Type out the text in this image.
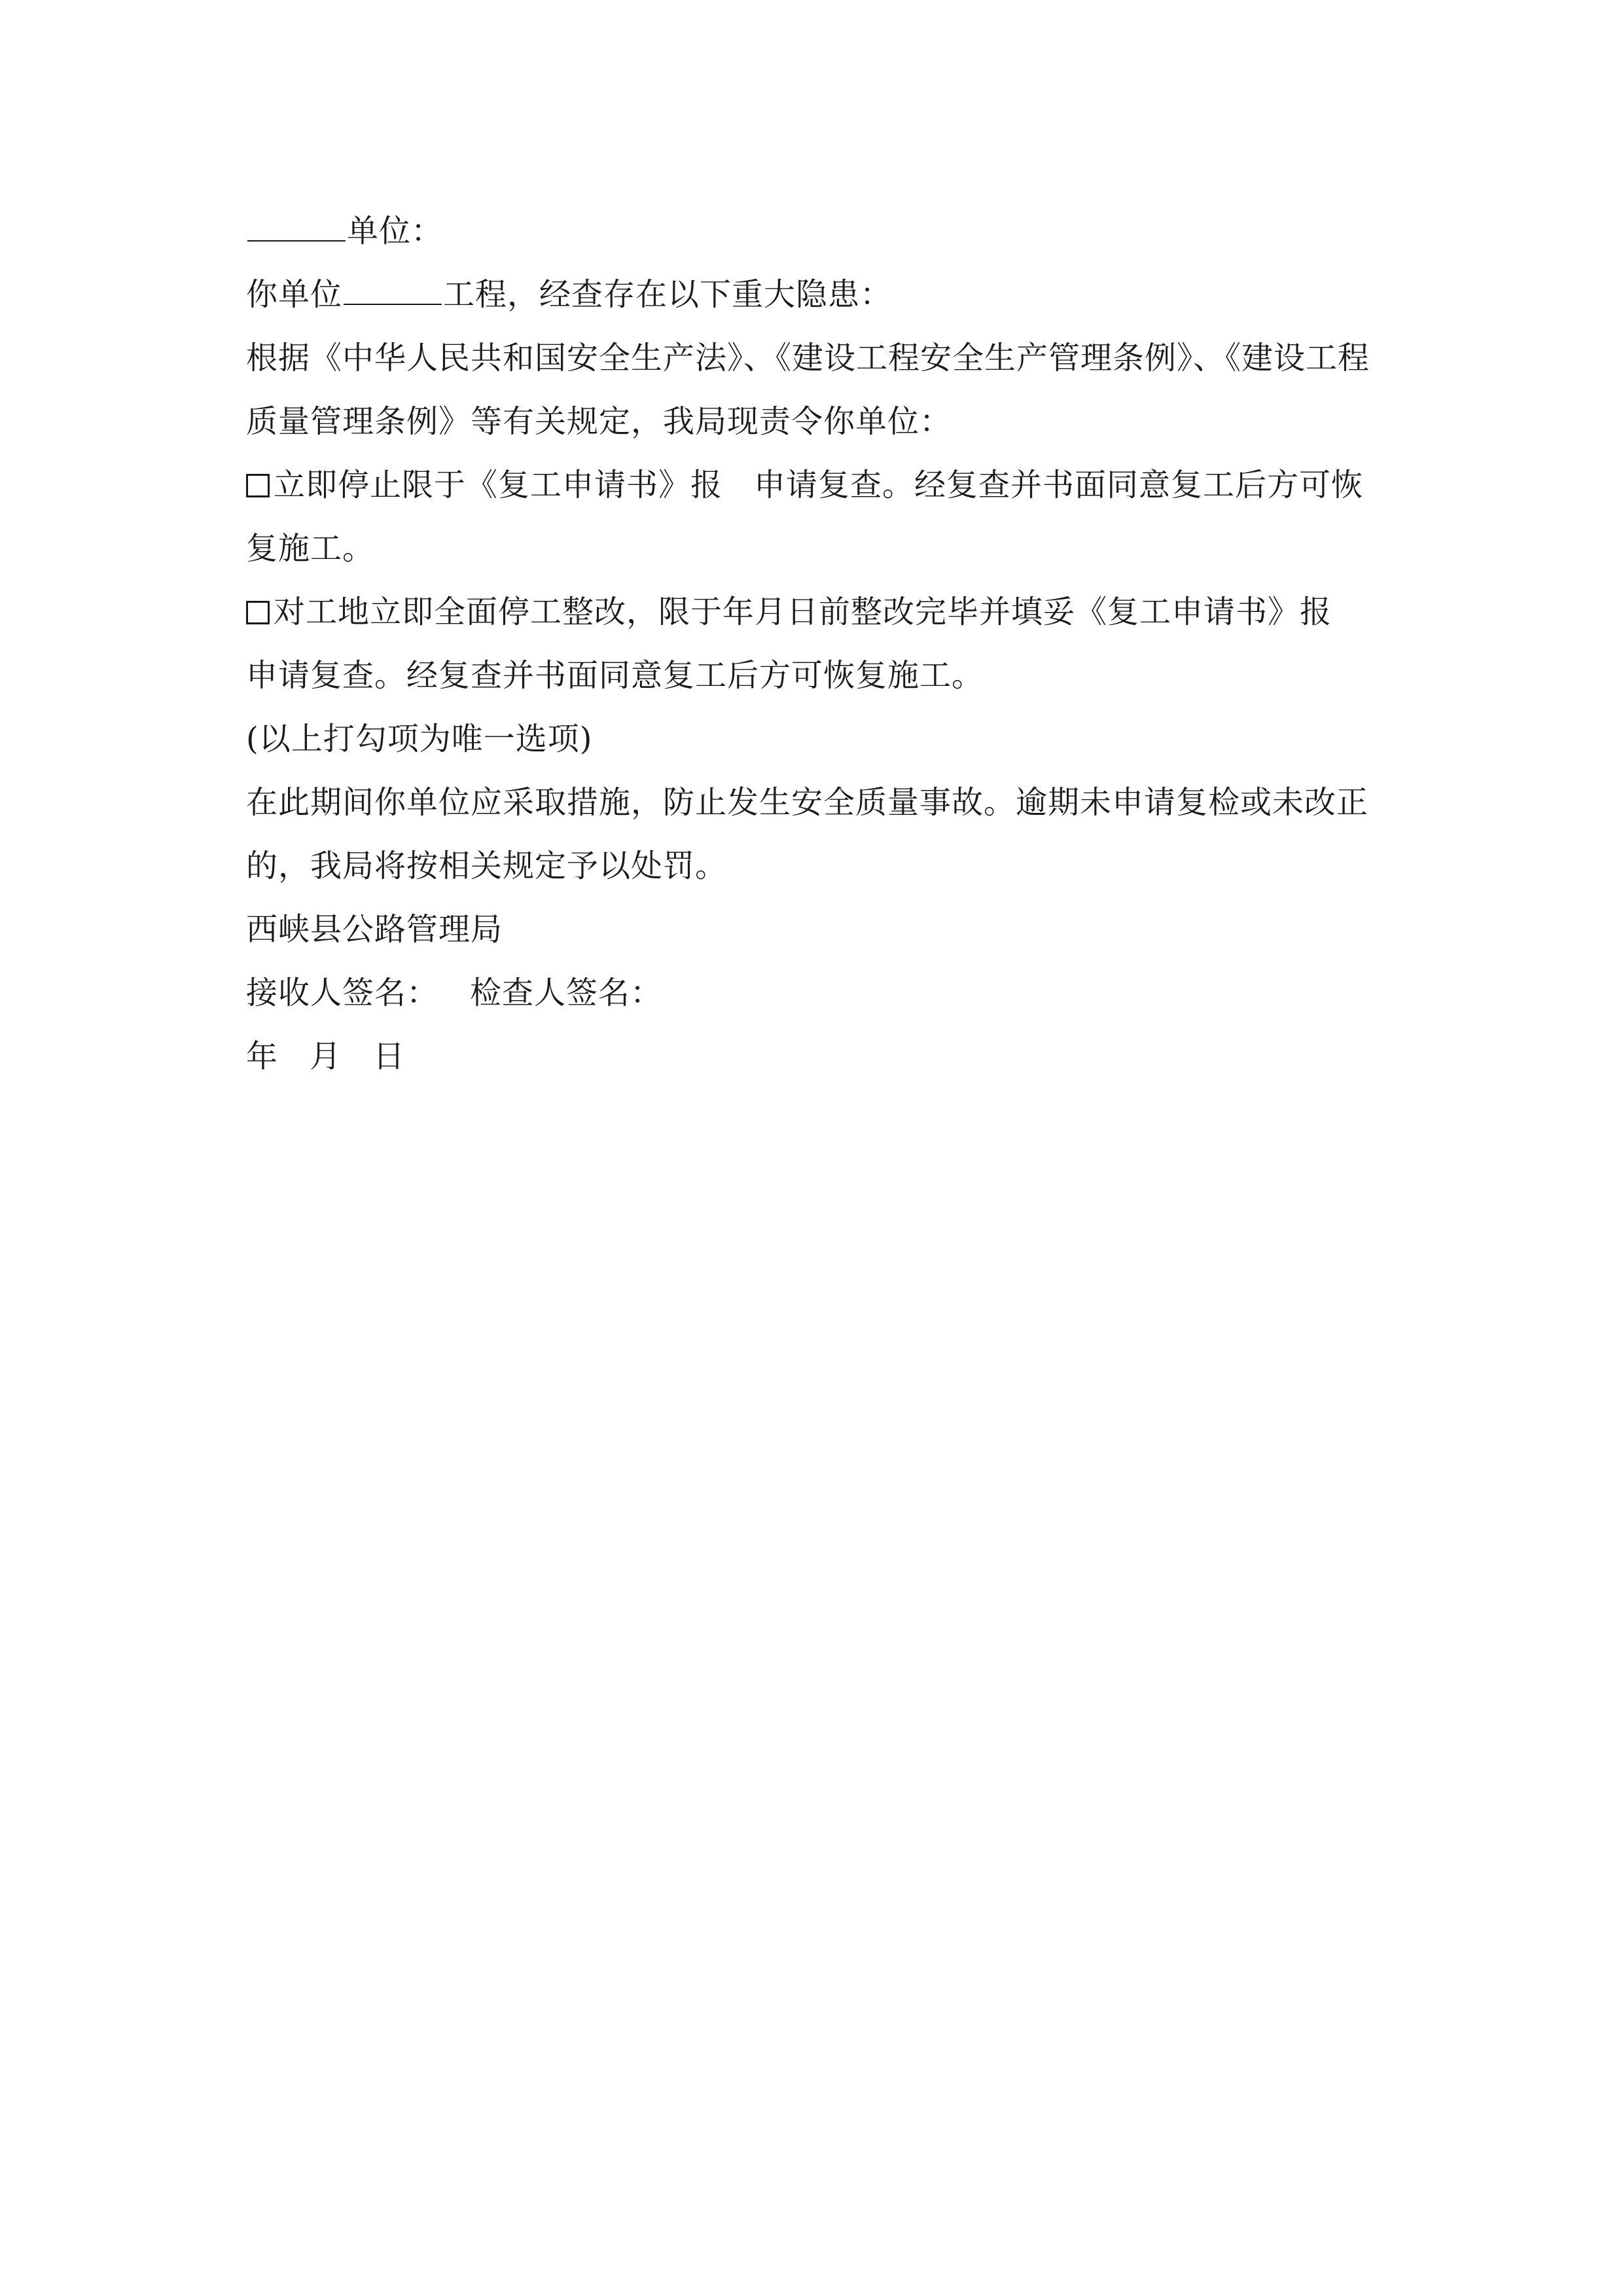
单位：
你单位	工程，经查存在以下重大隐患：
根据《中华人民共和国安全生产法》、《建设工程安全生产管理条例》、《建设工程
质量管理条例》等有关规定，我局现责令你单位：
立即停止限于《复工申请书》报 申请复查。经复查并书面同意复工后方可恢
复施工。
对工地立即全面停工整改，限于年月日前整改完毕并填妥《复工申请书》报
申请复查。经复查并书面同意复工后方可恢复施工。
(以上打勾项为唯一选项)
在此期间你单位应采取措施，防止发生安全质量事故。逾期未申请复检或未改正
的，我局将按相关规定予以处罚。
西峡县公路管理局
接收人签名： 检查人签名：
年 月 日
